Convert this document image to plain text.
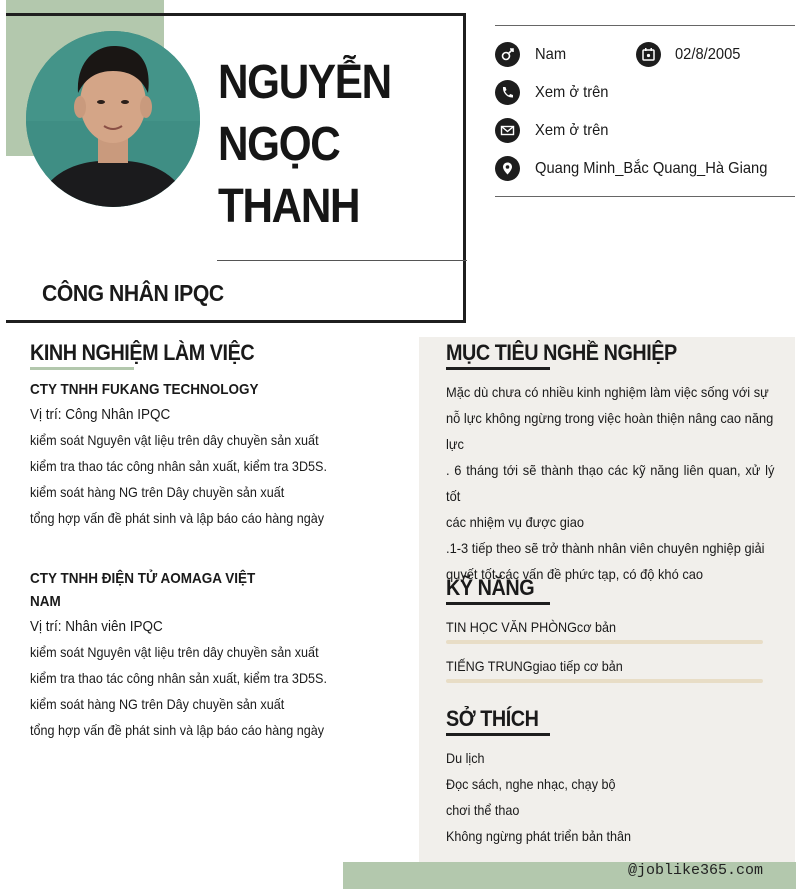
NGUYỄN
NGỌC
THANH
CÔNG NHÂN IPQC
Nam	02/8/2005
Xem ở trên
Xem ở trên
Quang Minh_Bắc Quang_Hà Giang
KINH NGHIỆM LÀM VIỆC
CTY TNHH FUKANG TECHNOLOGY
Vị trí: Công Nhân IPQC
kiểm soát Nguyên vật liệu trên dây chuyền sản xuất
kiểm tra thao tác công nhân sản xuất, kiểm tra 3D5S.
kiểm soát hàng NG trên Dây chuyền sản xuất
tổng hợp vấn đề phát sinh và lập báo cáo hàng ngày
CTY TNHH ĐIỆN TỬ AOMAGA VIỆT
NAM
Vị trí: Nhân viên IPQC
kiểm soát Nguyên vật liệu trên dây chuyền sản xuất
kiểm tra thao tác công nhân sản xuất, kiểm tra 3D5S.
kiểm soát hàng NG trên Dây chuyền sản xuất
tổng hợp vấn đề phát sinh và lập báo cáo hàng ngày
MỤC TIÊU NGHỀ NGHIỆP
Mặc dù chưa có nhiều kinh nghiệm làm việc sống với sự
nỗ lực không ngừng trong việc hoàn thiện nâng cao năng
lực
. 6 tháng tới sẽ thành thạo các kỹ năng liên quan, xử lý tốt
các nhiệm vụ được giao
.1-3 tiếp theo sẽ trở thành nhân viên chuyên nghiệp giải
quyết tốt các vấn đề phức tạp, có độ khó cao
KỸ NĂNG
TIN HỌC VĂN PHÒNGcơ bản
TIẾNG TRUNGgiao tiếp cơ bản
SỞ THÍCH
Du lịch
Đọc sách, nghe nhạc, chạy bộ
chơi thể thao
Không ngừng phát triển bản thân
@joblike365.com
